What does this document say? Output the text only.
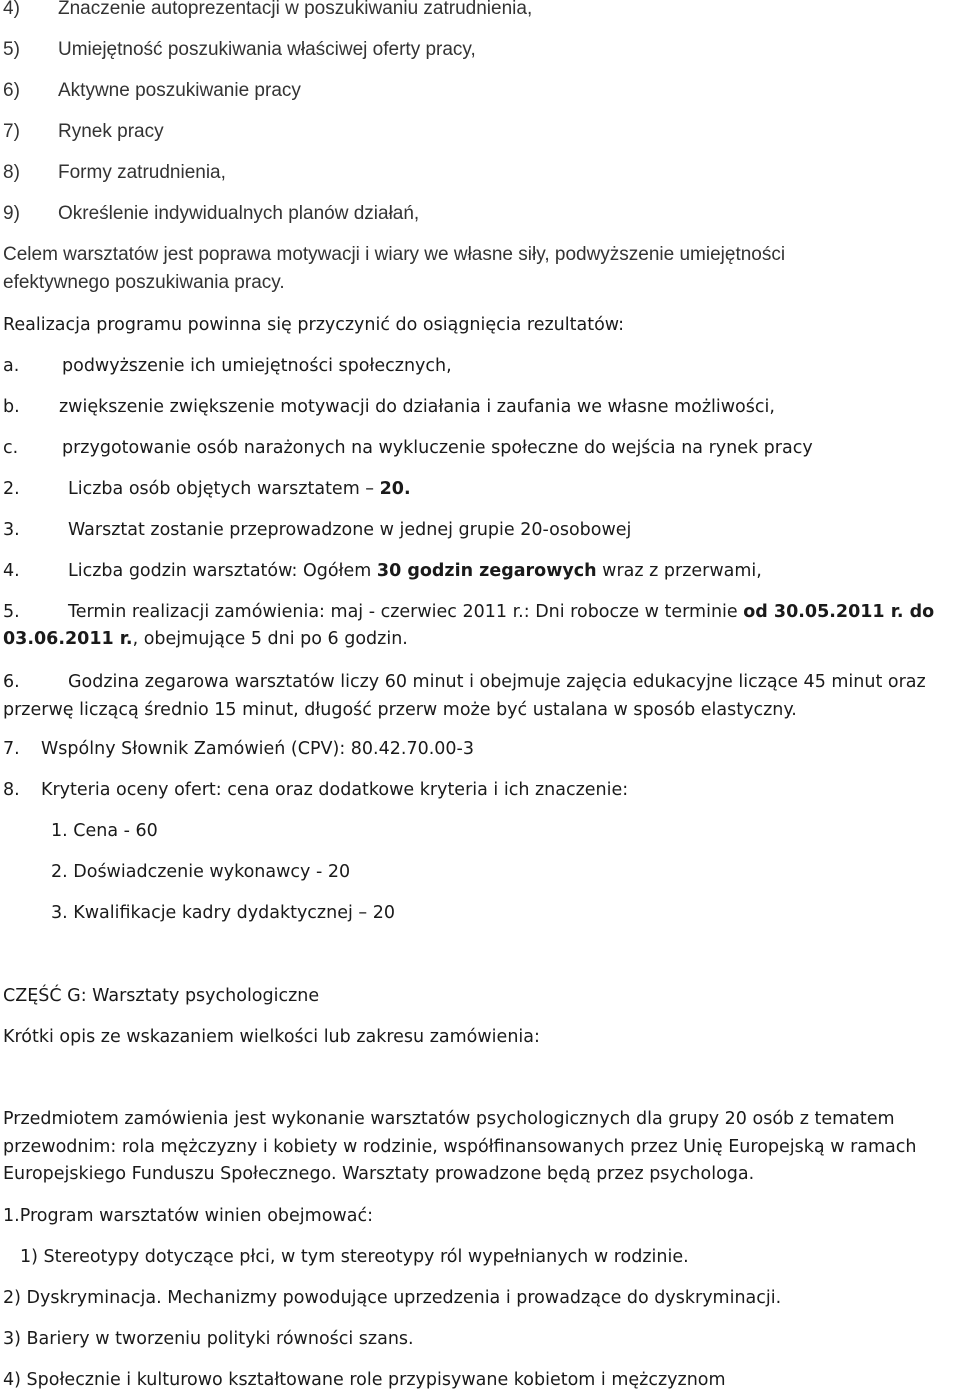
4) Znaczenie autoprezentacji w poszukiwaniu zatrudnienia,
5) Umiejętność poszukiwania właściwej oferty pracy,
6) Aktywne poszukiwanie pracy
7) Rynek pracy
8) Formy zatrudnienia,
9) Określenie indywidualnych planów działań,
Celem warsztatów jest poprawa motywacji i wiary we własne siły, podwyższenie umiejętności
efektywnego poszukiwania pracy.
Realizacja programu powinna się przyczynić do osiągnięcia rezultatów:
a. podwyższenie ich umiejętności społecznych,
b. zwiększenie zwiększenie motywacji do działania i zaufania we własne możliwości,
c.	przygotowanie osób narażonych na wykluczenie społeczne do wejścia na rynek pracy
2.	Liczba osób objętych warsztatem – 20.
3.	Warsztat zostanie przeprowadzone w jednej grupie 20-osobowej
4.	Liczba godzin warsztatów: Ogółem 30 godzin zegarowych wraz z przerwami,
5.	Termin realizacji zamówienia: maj - czerwiec 2011 r.: Dni robocze w terminie od 30.05.2011 r. do
03.06.2011 r., obejmujące 5 dni po 6 godzin.
6.	Godzina zegarowa warsztatów liczy 60 minut i obejmuje zajęcia edukacyjne liczące 45 minut oraz
przerwę liczącą średnio 15 minut, długość przerw może być ustalana w sposób elastyczny.
7. Wspólny Słownik Zamówień (CPV): 80.42.70.00-3
8. Kryteria oceny ofert: cena oraz dodatkowe kryteria i ich znaczenie:
1. Cena - 60
2. Doświadczenie wykonawcy - 20
3. Kwalifikacje kadry dydaktycznej – 20
CZĘŚĆ G: Warsztaty psychologiczne
Krótki opis ze wskazaniem wielkości lub zakresu zamówienia:
Przedmiotem zamówienia jest wykonanie warsztatów psychologicznych dla grupy 20 osób z tematem
przewodnim: rola mężczyzny i kobiety w rodzinie, współfinansowanych przez Unię Europejską w ramach
Europejskiego Funduszu Społecznego. Warsztaty prowadzone będą przez psychologa.
1.Program warsztatów winien obejmować:
1) Stereotypy dotyczące płci, w tym stereotypy ról wypełnianych w rodzinie.
2) Dyskryminacja. Mechanizmy powodujące uprzedzenia i prowadzące do dyskryminacji.
3) Bariery w tworzeniu polityki równości szans.
4) Społecznie i kulturowo kształtowane role przypisywane kobietom i mężczyznom
